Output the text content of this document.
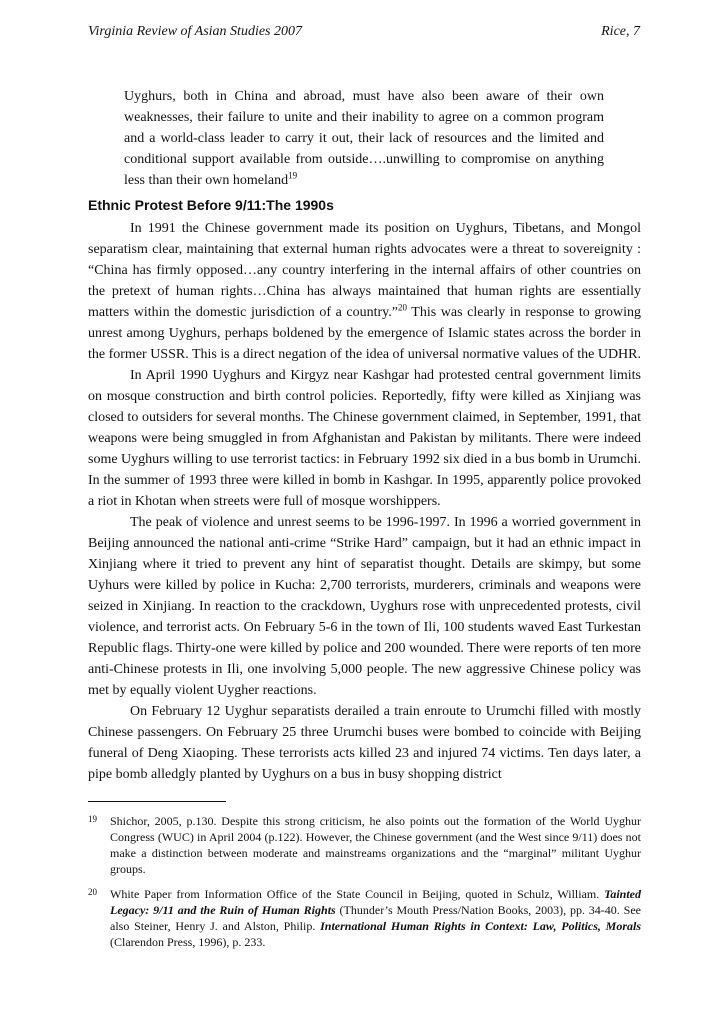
Virginia Review of Asian Studies 2007	Rice, 7
Uyghurs, both in China and abroad, must have also been aware of their own weaknesses, their failure to unite and their inability to agree on a common program and a world-class leader to carry it out, their lack of resources and the limited and conditional support available from outside….unwilling to compromise on anything less than their own homeland$^{19}$
Ethnic Protest Before 9/11:The 1990s

In 1991 the Chinese government made its position on Uyghurs, Tibetans, and Mongol separatism clear, maintaining that external human rights advocates were a threat to sovereignity : “China has firmly opposed…any country interfering in the internal affairs of other countries on the pretext of human rights…China has always maintained that human rights are essentially matters within the domestic jurisdiction of a country.”$^{20}$ This was clearly in response to growing unrest among Uyghurs, perhaps boldened by the emergence of Islamic states across the border in the former USSR. This is a direct negation of the idea of universal normative values of the UDHR.

In April 1990 Uyghurs and Kirgyz near Kashgar had protested central government limits on mosque construction and birth control policies. Reportedly, fifty were killed as Xinjiang was closed to outsiders for several months. The Chinese government claimed, in September, 1991, that weapons were being smuggled in from Afghanistan and Pakistan by militants. There were indeed some Uyghurs willing to use terrorist tactics: in February 1992 six died in a bus bomb in Urumchi. In the summer of 1993 three were killed in bomb in Kashgar. In 1995, apparently police provoked a riot in Khotan when streets were full of mosque worshippers.

The peak of violence and unrest seems to be 1996-1997. In 1996 a worried government in Beijing announced the national anti-crime “Strike Hard” campaign, but it had an ethnic impact in Xinjiang where it tried to prevent any hint of separatist thought. Details are skimpy, but some Uyhurs were killed by police in Kucha: 2,700 terrorists, murderers, criminals and weapons were seized in Xinjiang. In reaction to the crackdown, Uyghurs rose with unprecedented protests, civil violence, and terrorist acts. On February 5-6 in the town of Ili, 100 students waved East Turkestan Republic flags. Thirty-one were killed by police and 200 wounded. There were reports of ten more anti-Chinese protests in Ili, one involving 5,000 people. The new aggressive Chinese policy was met by equally violent Uygher reactions.

On February 12 Uyghur separatists derailed a train enroute to Urumchi filled with mostly Chinese passengers. On February 25 three Urumchi buses were bombed to coincide with Beijing funeral of Deng Xiaoping. These terrorists acts killed 23 and injured 74 victims. Ten days later, a pipe bomb alledgly planted by Uyghurs on a bus in busy shopping district

19 Shichor, 2005, p.130. Despite this strong criticism, he also points out the formation of the World Uyghur Congress (WUC) in April 2004 (p.122). However, the Chinese government (and the West since 9/11) does not make a distinction between moderate and mainstreams organizations and the “marginal” militant Uyghur groups.
20 White Paper from Information Office of the State Council in Beijing, quoted in Schulz, William. Tainted Legacy: 9/11 and the Ruin of Human Rights (Thunder’s Mouth Press/Nation Books, 2003), pp. 34-40. See also Steiner, Henry J. and Alston, Philip. International Human Rights in Context: Law, Politics, Morals (Clarendon Press, 1996), p. 233.
